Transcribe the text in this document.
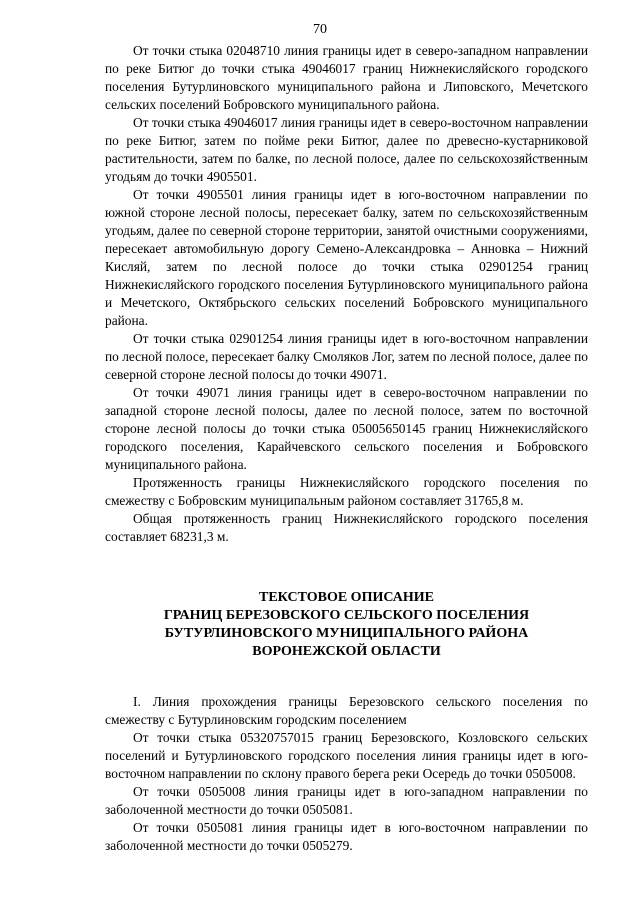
70

От точки стыка 02048710 линия границы идет в северо-западном направлении по реке Битюг до точки стыка 49046017 границ Нижнекисляйского городского поселения Бутурлиновского муниципального района и Липовского, Мечетского сельских поселений Бобровского муниципального района.

От точки стыка 49046017 линия границы идет в северо-восточном направлении по реке Битюг, затем по пойме реки Битюг, далее по древесно-кустарниковой растительности, затем по балке, по лесной полосе, далее по сельскохозяйственным угодьям до точки 4905501.

От точки 4905501 линия границы идет в юго-восточном направлении по южной стороне лесной полосы, пересекает балку, затем по сельскохозяйственным угодьям, далее по северной стороне территории, занятой очистными сооружениями, пересекает автомобильную дорогу Семено-Александровка – Анновка – Нижний Кисляй, затем по лесной полосе до точки стыка 02901254 границ Нижнекисляйского городского поселения Бутурлиновского муниципального района и Мечетского, Октябрьского сельских поселений Бобровского муниципального района.

От точки стыка 02901254 линия границы идет в юго-восточном направлении по лесной полосе, пересекает балку Смоляков Лог, затем по лесной полосе, далее по северной стороне лесной полосы до точки 49071.

От точки 49071 линия границы идет в северо-восточном направлении по западной стороне лесной полосы, далее по лесной полосе, затем по восточной стороне лесной полосы до точки стыка 05005650145 границ Нижнекисляйского городского поселения, Карайчевского сельского поселения и Бобровского муниципального района.

Протяженность границы Нижнекисляйского городского поселения по смежеству с Бобровским муниципальным районом составляет 31765,8 м.

Общая протяженность границ Нижнекисляйского городского поселения составляет 68231,3 м.

ТЕКСТОВОЕ ОПИСАНИЕ
ГРАНИЦ БЕРЕЗОВСКОГО СЕЛЬСКОГО ПОСЕЛЕНИЯ
БУТУРЛИНОВСКОГО МУНИЦИПАЛЬНОГО РАЙОНА
ВОРОНЕЖСКОЙ ОБЛАСТИ

I. Линия прохождения границы Березовского сельского поселения по смежеству с Бутурлиновским городским поселением

От точки стыка 05320757015 границ Березовского, Козловского сельских поселений и Бутурлиновского городского поселения линия границы идет в юго-восточном направлении по склону правого берега реки Осередь до точки 0505008.

От точки 0505008 линия границы идет в юго-западном направлении по заболоченной местности до точки 0505081.

От точки 0505081 линия границы идет в юго-восточном направлении по заболоченной местности до точки 0505279.
